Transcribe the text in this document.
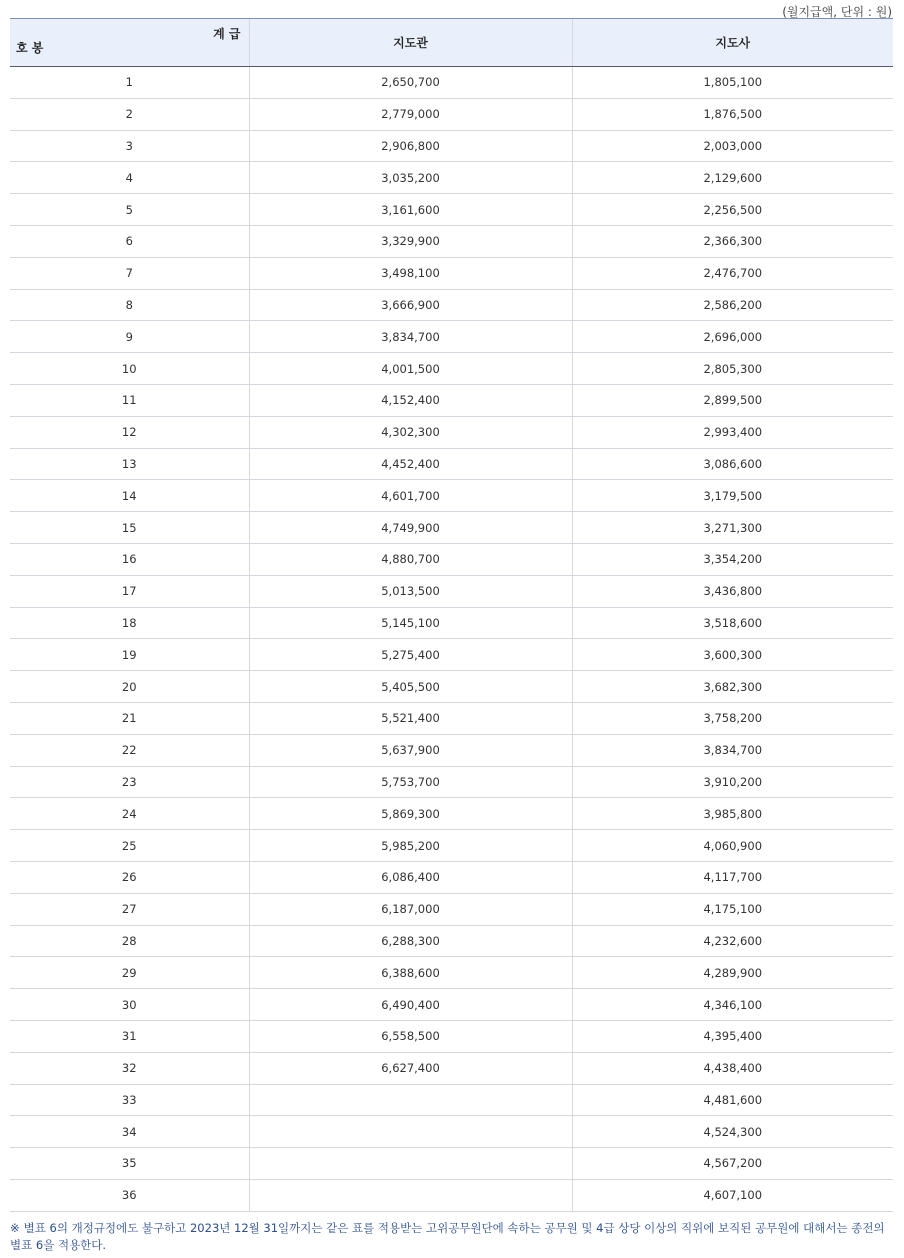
(월지급액, 단위 : 원)
계 급
호 봉	지도관	지도사
1	2,650,700	1,805,100
2	2,779,000	1,876,500
3	2,906,800	2,003,000
4	3,035,200	2,129,600
5	3,161,600	2,256,500
6	3,329,900	2,366,300
7	3,498,100	2,476,700
8	3,666,900	2,586,200
9	3,834,700	2,696,000
10	4,001,500	2,805,300
11	4,152,400	2,899,500
12	4,302,300	2,993,400
13	4,452,400	3,086,600
14	4,601,700	3,179,500
15	4,749,900	3,271,300
16	4,880,700	3,354,200
17	5,013,500	3,436,800
18	5,145,100	3,518,600
19	5,275,400	3,600,300
20	5,405,500	3,682,300
21	5,521,400	3,758,200
22	5,637,900	3,834,700
23	5,753,700	3,910,200
24	5,869,300	3,985,800
25	5,985,200	4,060,900
26	6,086,400	4,117,700
27	6,187,000	4,175,100
28	6,288,300	4,232,600
29	6,388,600	4,289,900
30	6,490,400	4,346,100
31	6,558,500	4,395,400
32	6,627,400	4,438,400
33		4,481,600
34		4,524,300
35		4,567,200
36		4,607,100
※ 별표 6의 개정규정에도 불구하고 2023년 12월 31일까지는 같은 표를 적용받는 고위공무원단에 속하는 공무원 및 4급 상당 이상의 직위에 보직된 공무원에 대해서는 종전의 별표 6을 적용한다.
